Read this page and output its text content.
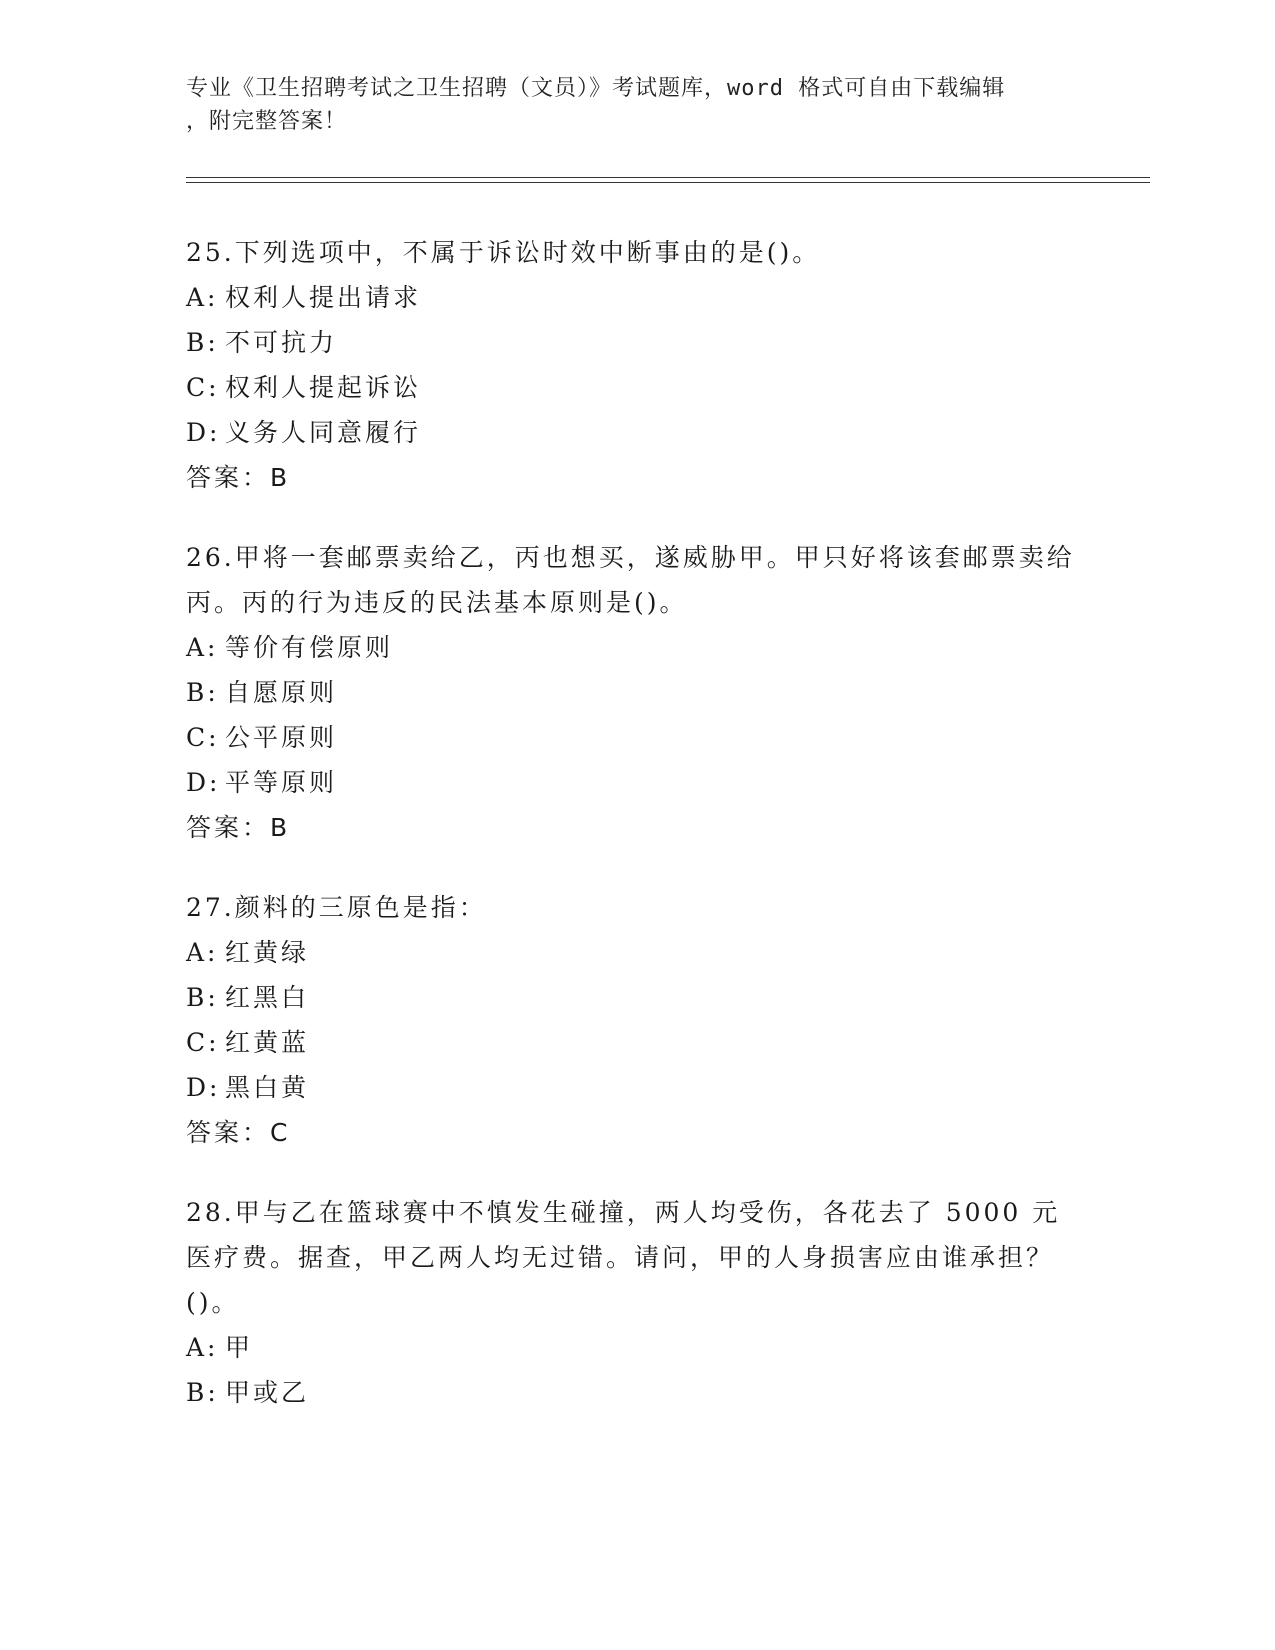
专业《卫生招聘考试之卫生招聘（文员）》考试题库，word 格式可自由下载编辑
，附完整答案！

25.下列选项中，不属于诉讼时效中断事由的是()。

A: 权利人提出请求

B: 不可抗力

C: 权利人提起诉讼

D: 义务人同意履行

答案：B

26.甲将一套邮票卖给乙，丙也想买，遂威胁甲。甲只好将该套邮票卖给丙。丙的行为违反的民法基本原则是()。

A: 等价有偿原则

B: 自愿原则

C: 公平原则

D: 平等原则

答案：B

27.颜料的三原色是指：

A: 红黄绿

B: 红黑白

C: 红黄蓝

D: 黑白黄

答案：C

28.甲与乙在篮球赛中不慎发生碰撞，两人均受伤，各花去了 5000 元医疗费。据查，甲乙两人均无过错。请问，甲的人身损害应由谁承担？()。

A: 甲

B: 甲或乙
